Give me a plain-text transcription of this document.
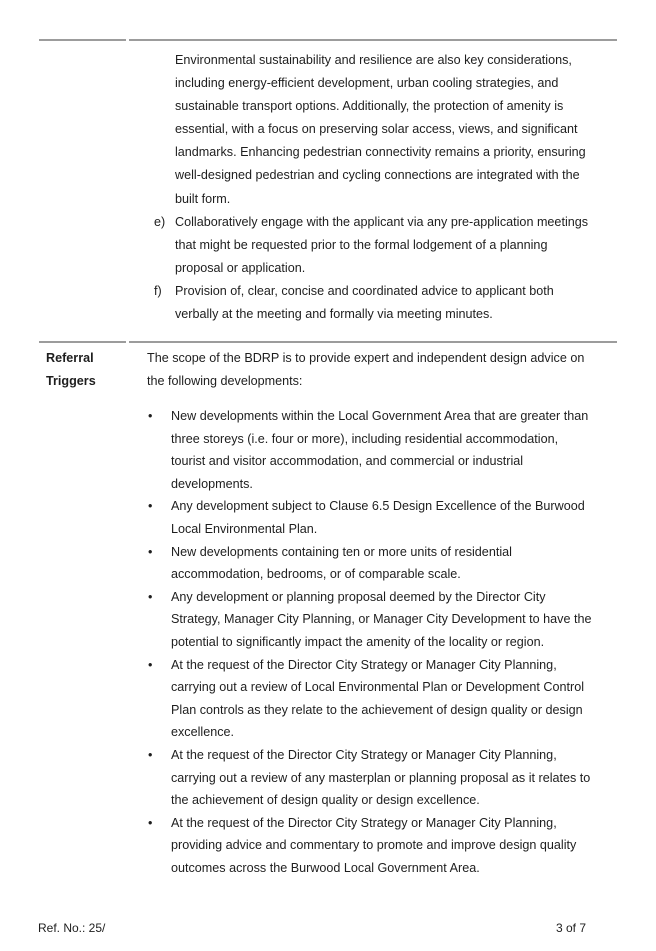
Environmental sustainability and resilience are also key considerations,
including energy-efficient development, urban cooling strategies, and
sustainable transport options. Additionally, the protection of amenity is
essential, with a focus on preserving solar access, views, and significant
landmarks. Enhancing pedestrian connectivity remains a priority, ensuring
well-designed pedestrian and cycling connections are integrated with the
built form.
e) Collaboratively engage with the applicant via any pre-application meetings
that might be requested prior to the formal lodgement of a planning
proposal or application.
f)	Provision of, clear, concise and coordinated advice to applicant both
verbally at the meeting and formally via meeting minutes.
Referral
Triggers
The scope of the BDRP is to provide expert and independent design advice on
the following developments:
•	New developments within the Local Government Area that are greater than
three storeys (i.e. four or more), including residential accommodation,
tourist and visitor accommodation, and commercial or industrial
developments.
•	Any development subject to Clause 6.5 Design Excellence of the Burwood
Local Environmental Plan.
•	New developments containing ten or more units of residential
accommodation, bedrooms, or of comparable scale.
•	Any development or planning proposal deemed by the Director City
Strategy, Manager City Planning, or Manager City Development to have the
potential to significantly impact the amenity of the locality or region.
•	At the request of the Director City Strategy or Manager City Planning,
carrying out a review of Local Environmental Plan or Development Control
Plan controls as they relate to the achievement of design quality or design
excellence.
•	At the request of the Director City Strategy or Manager City Planning,
carrying out a review of any masterplan or planning proposal as it relates to
the achievement of design quality or design excellence.
•	At the request of the Director City Strategy or Manager City Planning,
providing advice and commentary to promote and improve design quality
outcomes across the Burwood Local Government Area.
Ref. No.: 25/	3 of 7
